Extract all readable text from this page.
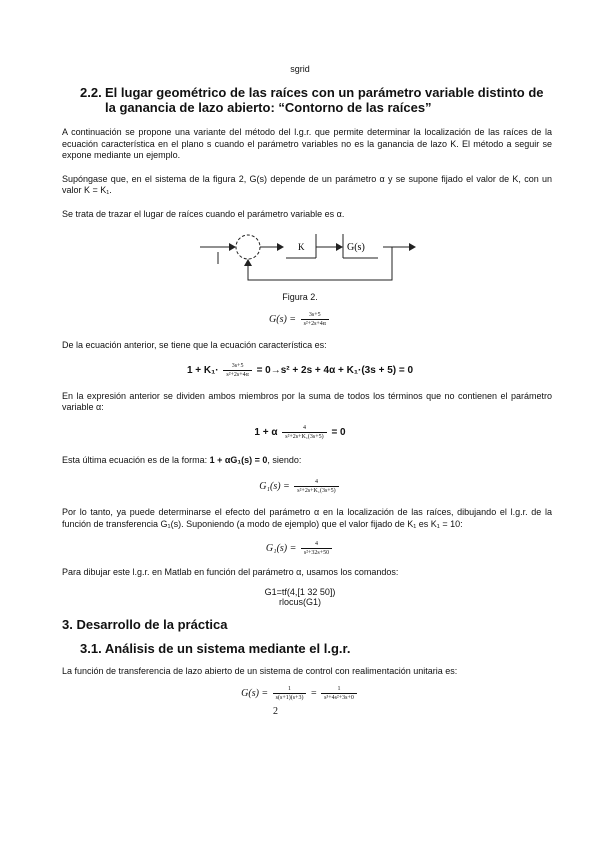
sgrid
2.2. El lugar geométrico de las raíces con un parámetro variable distinto de la ganancia de lazo abierto: “Contorno de las raíces”
A continuación se propone una variante del método del l.g.r. que permite determinar la localización de las raíces de la ecuación característica en el plano s cuando el parámetro variables no es la ganancia de lazo K. El método a seguir se expone mediante un ejemplo.
Supóngase que, en el sistema de la figura 2, G(s) depende de un parámetro α y se supone fijado el valor de K, con un valor K = K₁.
Se trata de trazar el lugar de raíces cuando el parámetro variable es α.
K	G(s)
Figura 2.
$G(s) = \frac{3s+5}{\text{s²+2s+4α}}$
De la ecuación anterior, se tiene que la ecuación característica es:
$1 + K_1\cdot \frac{3s+5}{\text{s²+2s+4α}} = 0\to s^2 + 2s + 4\alpha + K_1\cdot(3s + 5) = 0$
En la expresión anterior se dividen ambos miembros por la suma de todos los términos que no contienen el parámetro variable α:
1 + α $\frac{4}{\text{s²+2s+K₁(3s+5)}} = 0$
Esta última ecuación es de la forma: 1 + αG₁(s) = 0, siendo:
$G_1(s) = \frac{4}{\text{s²+2s+K₁(3s+5)}}$
Por lo tanto, ya puede determinarse el efecto del parámetro α en la localización de las raíces, dibujando el l.g.r. de la función de transferencia G₁(s). Suponiendo (a modo de ejemplo) que el valor fijado de K₁ es K₁ = 10:
$G_1(s) = \frac{4}{\text{s²+32s+50}}$
Para dibujar este l.g.r. en Matlab en función del parámetro α, usamos los comandos:
G1=tf(4,[1 32 50])
rlocus(G1)
3. Desarrollo de la práctica
3.1. Análisis de un sistema mediante el l.g.r.
La función de transferencia de lazo abierto de un sistema de control con realimentación unitaria es:
$G(s) = \frac{1}{s(s+1)(s+3)} = \frac{1}{\text{s³+4s²+3s+0}}$
2
